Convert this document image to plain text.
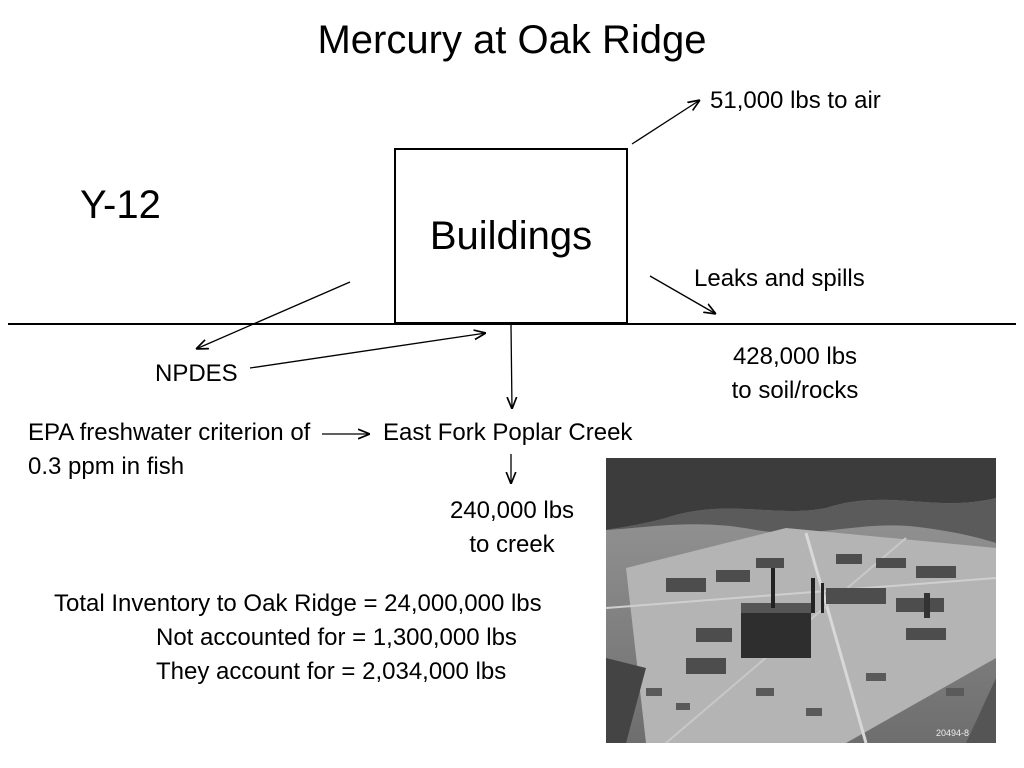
Mercury at Oak Ridge
Y-12
Buildings
51,000 lbs to air
Leaks and spills
428,000 lbs
to soil/rocks
NPDES
EPA freshwater criterion of 0.3 ppm in fish
East Fork Poplar Creek
240,000 lbs
to creek
Total Inventory to Oak Ridge = 24,000,000 lbs
Not accounted for = 1,300,000 lbs
They account for = 2,034,000 lbs
20494-8
